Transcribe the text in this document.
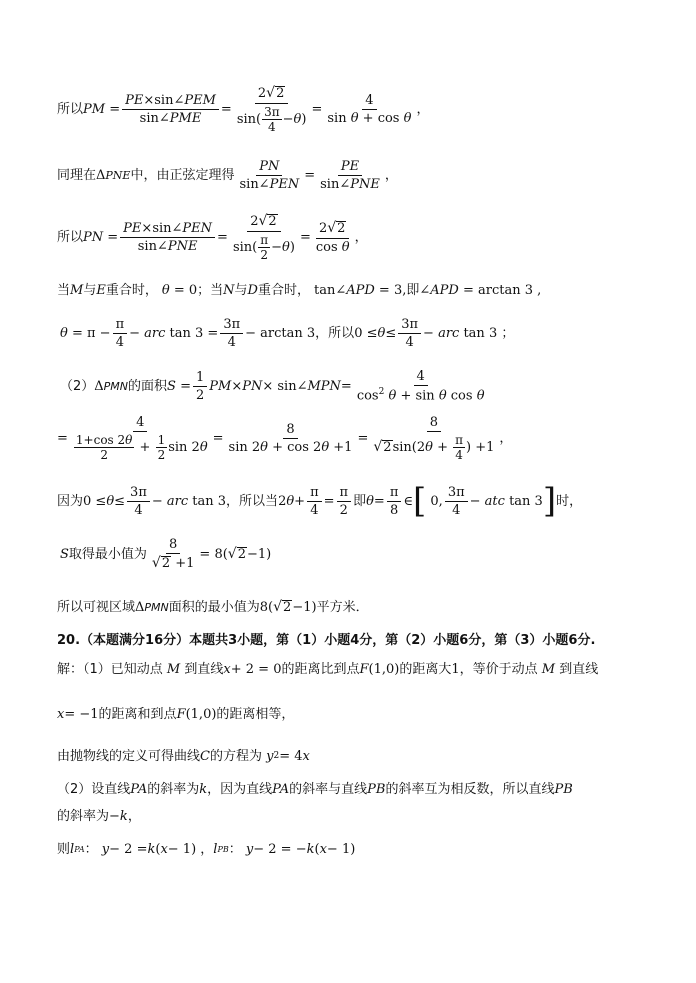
所以 PM = $\frac{\text{PE×sin∠PEM}}{\text{sin∠PME}} = \frac{2 √ 2}{\sin( \frac{3\pi}{4} -\theta)} = \frac{4}{\text{sin θ + cos θ}}$ ，
同理在 Δ PNE 中，由正弦定理得 $\frac{PN}{\text{sin∠PEN}} = \frac{PE}{\text{sin∠PNE}}$ ，
所以 PN = $\frac{\text{PE×sin∠PEN}}{\text{sin∠PNE}} = \frac{2 √ 2}{\sin( \frac{\pi}{2} -\theta)} = \frac{2 √ 2}{\text{cos θ}}$ ，
当 M 与 E 重合时， θ = 0 ；当 N 与 D 重合时， tan∠ APD = 3, 即 ∠ APD = arctan 3 ,
$\theta = \pi - \frac{\pi}{4}$ − arc $\tan 3 = \frac{3\pi}{4} - \arctan 3$ ，所以 $0 \le \theta \le \frac{3\pi}{4}$ − arc tan 3 ；
（2） Δ PMN 的面积 $S = \frac{1}{2}$ PM × PN × sin∠ MPN = $\frac{4}{\cos^2 \theta + \sin \theta \cos \theta}$
= $\frac{4}{\frac{1+\cos 2\theta}{2} + \frac{1}{2} \sin 2\theta} = \frac{8}{\sin 2\theta + \cos 2\theta +1} = \frac{8}{√ 2 \sin(2\theta + \frac{\pi}{4} ) +1}$ ，
因为 $0 \le \theta \le \frac{3\pi}{4}$ − arc tan 3 ，所以当 2 $\theta + \frac{\pi}{4} = \frac{\pi}{2}$ 即 $\theta = \frac{\pi}{8}$ ∈ [ 0, $\frac{3\pi}{4}$ − atc tan 3 ] 时，
S 取得最小值为 $\frac{8}{√ 2 +1} = 8$( √ 2 −1)
所以可视区域 Δ PMN 面积的最小值为 8( √ 2 −1) 平方米．
20.（本题满分16分）本题共3小题，第（1）小题4分，第（2）小题6分，第（3）小题6分.
解：（1）已知动点
M
到直线 x + 2 = 0 的距离比到点 F (1,0) 的距离大 1 ，等价于动点
M
到直线
x = −1 的距离和到点 F (1,0) 的距离相等，
由抛物线的定义可得曲线 C 的方程为
y 2 = 4 x
（2）设直线 PA 的斜率为 k ，因为直线 PA 的斜率与直线 PB 的斜率互为相反数，所以直线 PB
的斜率为 − k ，
则 l PA ：
y − 2 = k ( x − 1) ， l PB ：
y − 2 = − k ( x − 1)
